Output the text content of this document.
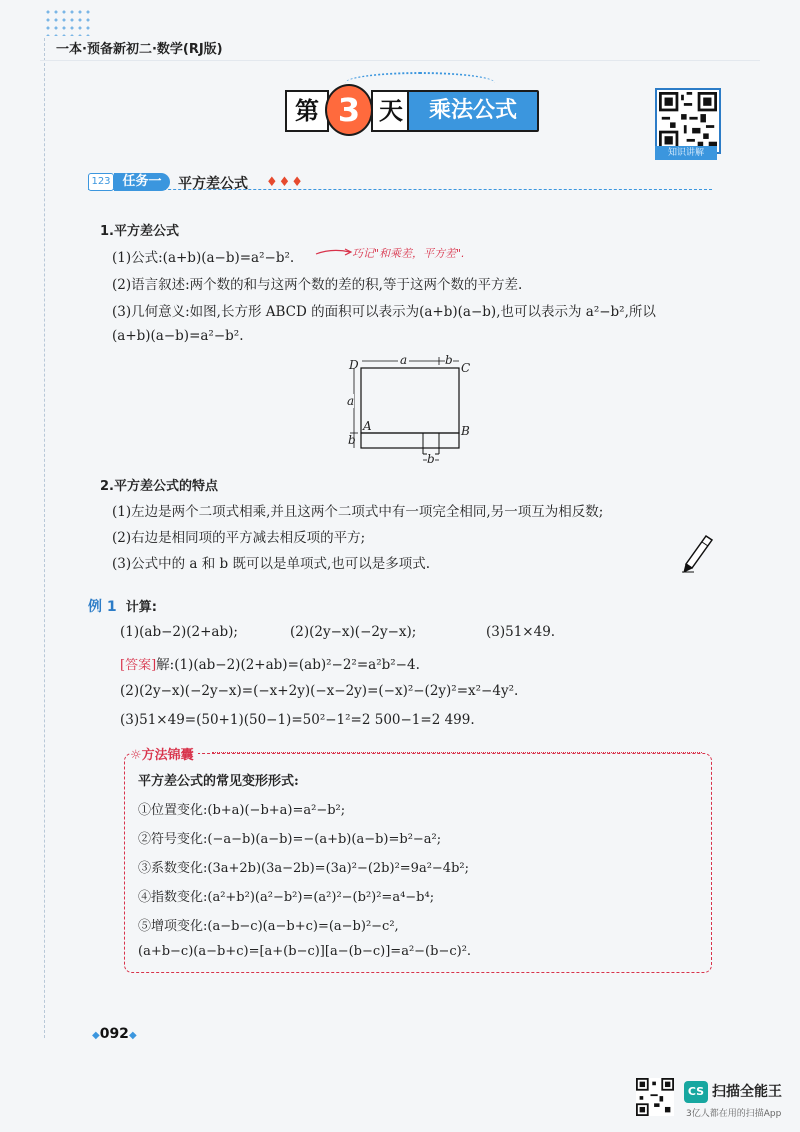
一本·预备新初二·数学(RJ版)
第 3 天	乘法公式
知识讲解
123 任务一	平方差公式 ♦♦♦
1.平方差公式
(1)公式:(a+b)(a−b)=a²−b².	巧记"和乘差，平方差".
(2)语言叙述:两个数的和与这两个数的差的积,等于这两个数的平方差.
(3)几何意义:如图,长方形 ABCD 的面积可以表示为(a+b)(a−b),也可以表示为 a²−b²,所以
(a+b)(a−b)=a²−b².
D	C
A	B
a	b
a
b
b
2.平方差公式的特点
(1)左边是两个二项式相乘,并且这两个二项式中有一项完全相同,另一项互为相反数;
(2)右边是相同项的平方减去相反项的平方;
(3)公式中的 a 和 b 既可以是单项式,也可以是多项式.
例 1 计算:
(1)(ab−2)(2+ab);	(2)(2y−x)(−2y−x);	(3)51×49.
[答案]解:(1)(ab−2)(2+ab)=(ab)²−2²=a²b²−4.
(2)(2y−x)(−2y−x)=(−x+2y)(−x−2y)=(−x)²−(2y)²=x²−4y².
(3)51×49=(50+1)(50−1)=50²−1²=2 500−1=2 499.
☼方法锦囊
平方差公式的常见变形形式:
①位置变化:(b+a)(−b+a)=a²−b²;
②符号变化:(−a−b)(a−b)=−(a+b)(a−b)=b²−a²;
③系数变化:(3a+2b)(3a−2b)=(3a)²−(2b)²=9a²−4b²;
④指数变化:(a²+b²)(a²−b²)=(a²)²−(b²)²=a⁴−b⁴;
⑤增项变化:(a−b−c)(a−b+c)=(a−b)²−c²,
(a+b−c)(a−b+c)=[a+(b−c)][a−(b−c)]=a²−(b−c)².
◆092◆
CS 扫描全能王
3亿人都在用的扫描App
